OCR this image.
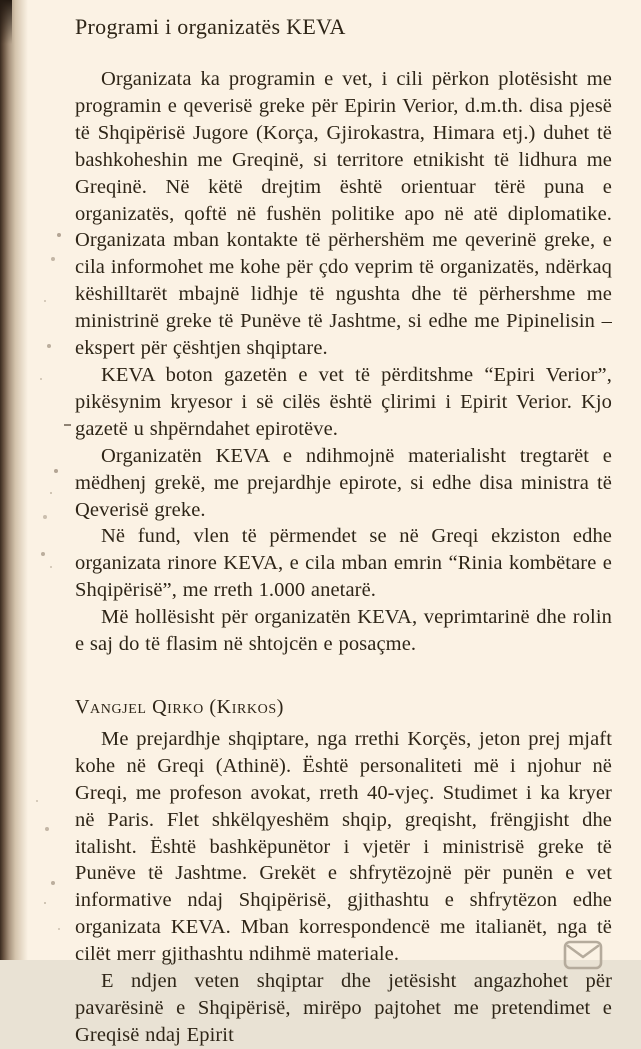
Programi i organizatës KEVA

Organizata ka programin e vet, i cili përkon plotësisht me programin e qeverisë greke për Epirin Verior, d.m.th. disa pjesë të Shqipërisë Jugore (Korça, Gjirokastra, Himara etj.) duhet të bashkoheshin me Greqinë, si territore etnikisht të lidhura me Greqinë. Në këtë drejtim është orientuar tërë puna e organizatës, qoftë në fushën politike apo në atë diplomatike. Organizata mban kontakte të përhershëm me qeverinë greke, e cila informohet me kohe për çdo veprim të organizatës, ndërkaq këshilltarët mbajnë lidhje të ngushta dhe të përhershme me ministrinë greke të Punëve të Jashtme, si edhe me Pipinelisin – ekspert për çështjen shqiptare.

KEVA boton gazetën e vet të përditshme “Epiri Verior”, pikësynim kryesor i së cilës është çlirimi i Epirit Verior. Kjo gazetë u shpërndahet epirotëve.

Organizatën KEVA e ndihmojnë materialisht tregtarët e mëdhenj grekë, me prejardhje epirote, si edhe disa ministra të Qeverisë greke.

Në fund, vlen të përmendet se në Greqi ekziston edhe organizata rinore KEVA, e cila mban emrin “Rinia kombëtare e Shqipërisë”, me rreth 1.000 anetarë.

Më hollësisht për organizatën KEVA, veprimtarinë dhe rolin e saj do të flasim në shtojcën e posaçme.

Vangjel Qirko (Kirkos)

Me prejardhje shqiptare, nga rrethi Korçës, jeton prej mjaft kohe në Greqi (Athinë). Është personaliteti më i njohur në Greqi, me profeson avokat, rreth 40-vjeç. Studimet i ka kryer në Paris. Flet shkëlqyeshëm shqip, greqisht, frëngjisht dhe italisht. Është bashkëpunëtor i vjetër i ministrisë greke të Punëve të Jashtme. Grekët e shfrytëzojnë për punën e vet informative ndaj Shqipërisë, gjithashtu e shfrytëzon edhe organizata KEVA. Mban korrespondencë me italianët, nga të cilët merr gjithashtu ndihmë materiale.

E ndjen veten shqiptar dhe jetësisht angazhohet për pavarësinë e Shqipërisë, mirëpo pajtohet me pretendimet e Greqisë ndaj Epirit
